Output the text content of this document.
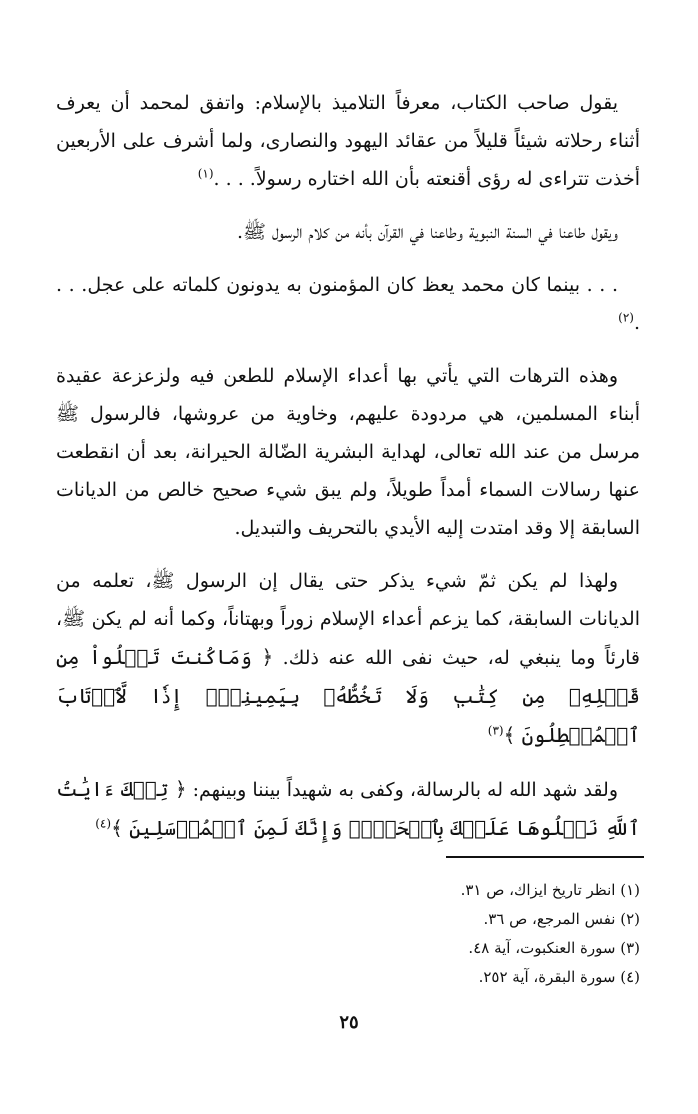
يقول صاحب الكتاب، معرفاً التلاميذ بالإسلام: واتفق لمحمد أن يعرف أثناء رحلاته شيئاً قليلاً من عقائد اليهود والنصارى، ولما أشرف على الأربعين أخذت تتراءى له رؤى أقنعته بأن الله اختاره رسولاً. . . .$^{(١)}$

ويقول طاعنا في السنة النبوية وطاعنا في القرآن بأنه من كلام الرسول ﷺ.

. . . بينما كان محمد يعظ كان المؤمنون به يدونون كلماته على عجل. . . .$^{(٢)}$

وهذه الترهات التي يأتي بها أعداء الإسلام للطعن فيه ولزعزعة عقيدة أبناء المسلمين، هي مردودة عليهم، وخاوية من عروشها، فالرسول ﷺ مرسل من عند الله تعالى، لهداية البشرية الضّالة الحيرانة، بعد أن انقطعت عنها رسالات السماء أمداً طويلاً، ولم يبق شيء صحيح خالص من الديانات السابقة إلا وقد امتدت إليه الأيدي بالتحريف والتبديل.

ولهذا لم يكن ثمّ شيء يذكر حتى يقال إن الرسول ﷺ، تعلمه من الديانات السابقة، كما يزعم أعداء الإسلام زوراً وبهتاناً، وكما أنه لم يكن ﷺ، قارئاً وما ينبغي له، حيث نفى الله عنه ذلك. ﴿ وَمَاكُنتَ تَتۡلُواْ مِن قَبۡلِهِۦ مِن كِتَٰبٖ وَلَا تَخُطُّهُۥ بِيَمِينِكَۖ إِذٗا لَّٱرۡتَابَ ٱلۡمُبۡطِلُونَ ﴾$^{(٣)}$

ولقد شهد الله له بالرسالة، وكفى به شهيداً بيننا وبينهم: ﴿ تِلۡكَ ءَايَٰتُ ٱللَّهِ نَتۡلُوهَا عَلَيۡكَ بِٱلۡحَقِّۚ وَإِنَّكَ لَمِنَ ٱلۡمُرۡسَلِينَ ﴾$^{(٤)}$

(١) انظر تاريخ ايزاك، ص ٣١.

(٢) نفس المرجع، ص ٣٦.

(٣) سورة العنكبوت، آية ٤٨.

(٤) سورة البقرة، آية ٢٥٢.

٢٥
